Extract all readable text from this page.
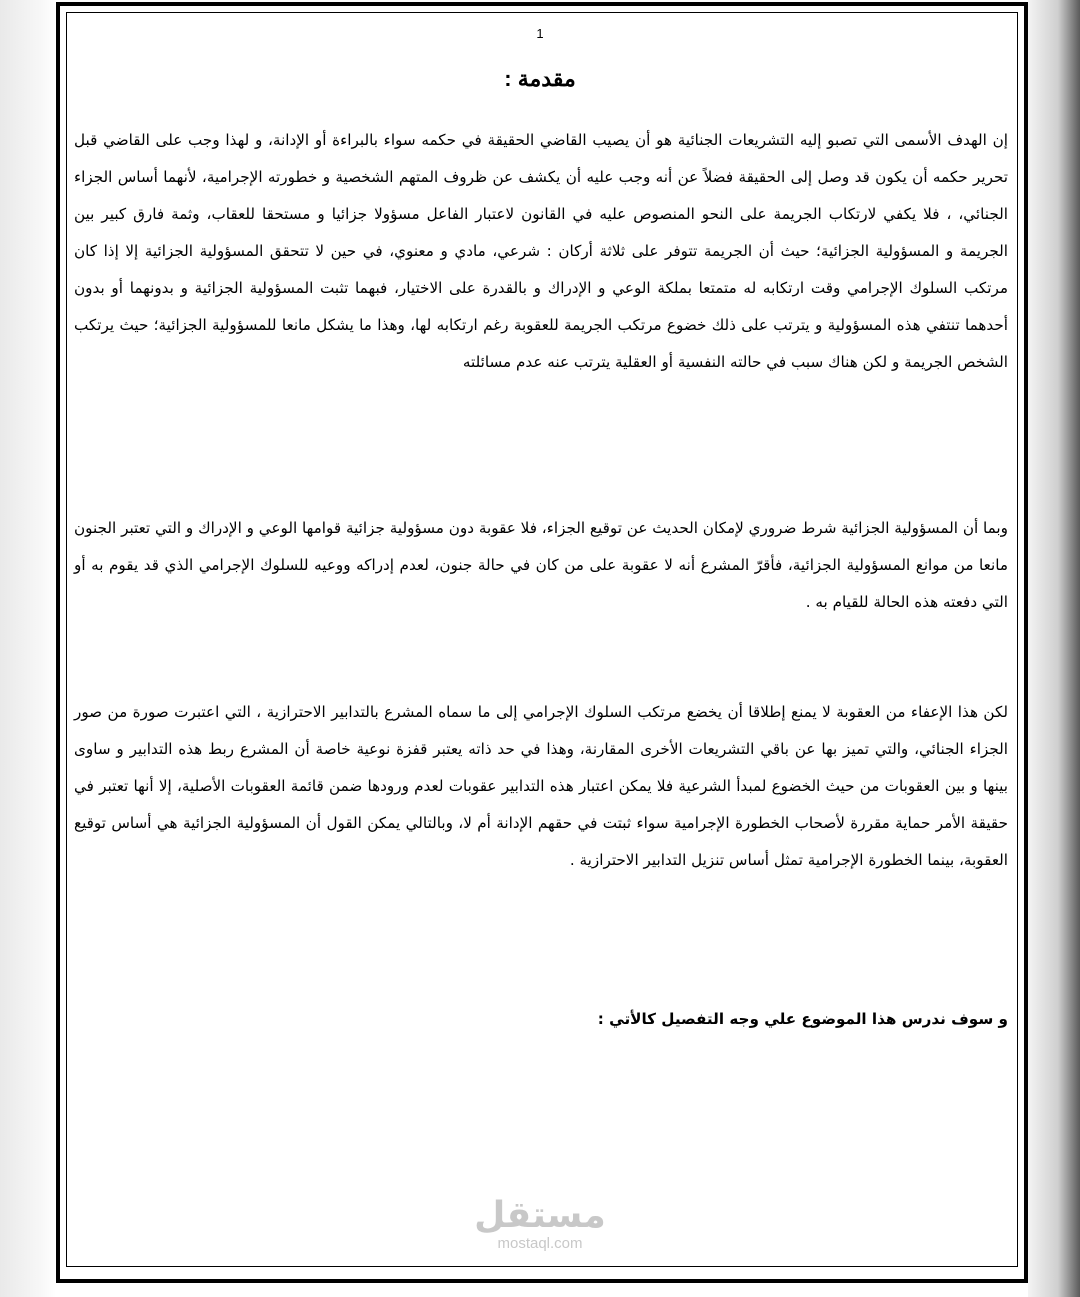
1
مقدمة :

إن الهدف الأسمى التي تصبو إليه التشريعات الجنائية هو أن يصيب القاضي الحقيقة في حكمه سواء بالبراءة أو الإدانة، و لهذا وجب على القاضي قبل تحرير حكمه أن يكون قد وصل إلى الحقيقة فضلاً عن أنه وجب عليه أن يكشف عن ظروف المتهم الشخصية و خطورته الإجرامية، لأنهما أساس الجزاء الجنائي، ، فلا يكفي لارتكاب الجريمة على النحو المنصوص عليه في القانون لاعتبار الفاعل مسؤولا جزائيا و مستحقا للعقاب، وثمة فارق كبير بين الجريمة و المسؤولية الجزائية؛ حيث أن الجريمة تتوفر على ثلاثة أركان : شرعي، مادي و معنوي، في حين لا تتحقق المسؤولية الجزائية إلا إذا كان مرتكب السلوك الإجرامي وقت ارتكابه له متمتعا بملكة الوعي و الإدراك و بالقدرة على الاختيار، فبهما تثبت المسؤولية الجزائية و بدونهما أو بدون أحدهما تنتفي هذه المسؤولية و يترتب على ذلك خضوع مرتكب الجريمة للعقوبة رغم ارتكابه لها، وهذا ما يشكل مانعا للمسؤولية الجزائية؛ حيث يرتكب الشخص الجريمة و لكن هناك سبب في حالته النفسية أو العقلية يترتب عنه عدم مسائلته

وبما أن المسؤولية الجزائية شرط ضروري لإمكان الحديث عن توقيع الجزاء، فلا عقوبة دون مسؤولية جزائية قوامها الوعي و الإدراك و التي تعتبر الجنون مانعا من موانع المسؤولية الجزائية، فأقرّ المشرع أنه لا عقوبة على من كان في حالة جنون، لعدم إدراكه ووعيه للسلوك الإجرامي الذي قد يقوم به أو التي دفعته هذه الحالة للقيام به .

لكن هذا الإعفاء من العقوبة لا يمنع إطلاقا أن يخضع مرتكب السلوك الإجرامي إلى ما سماه المشرع بالتدابير الاحترازية ، التي اعتبرت صورة من صور الجزاء الجنائي، والتي تميز بها عن باقي التشريعات الأخرى المقارنة، وهذا في حد ذاته يعتبر قفزة نوعية خاصة أن المشرع ربط هذه التدابير و ساوى بينها و بين العقوبات من حيث الخضوع لمبدأ الشرعية فلا يمكن اعتبار هذه التدابير عقوبات لعدم ورودها ضمن قائمة العقوبات الأصلية، إلا أنها تعتبر في حقيقة الأمر حماية مقررة لأصحاب الخطورة الإجرامية سواء ثبتت في حقهم الإدانة أم لا، وبالتالي يمكن القول أن المسؤولية الجزائية هي أساس توقيع العقوبة، بينما الخطورة الإجرامية تمثل أساس تنزيل التدابير الاحترازية .

و سوف ندرس هذا الموضوع علي وجه التفصيل كالأتي :
مستقل
mostaql.com
